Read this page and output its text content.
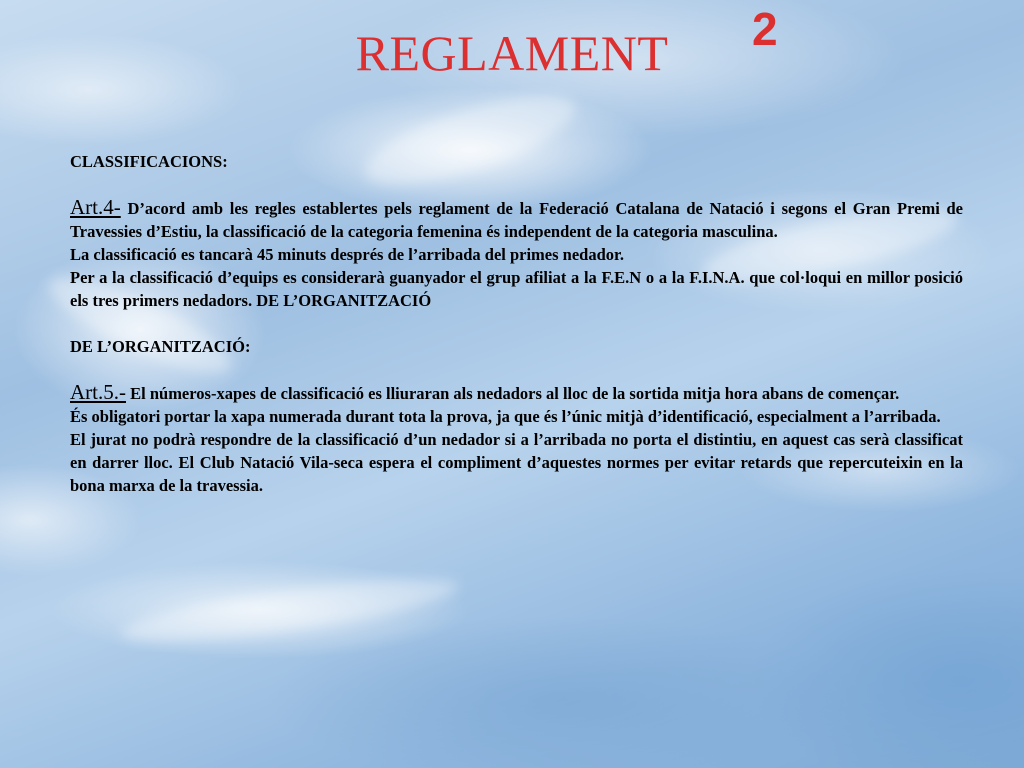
REGLAMENT	2

CLASSIFICACIONS:

Art.4- D’acord amb les regles establertes pels reglament de la Federació Catalana de Natació i segons el Gran Premi de Travessies d’Estiu, la classificació de la categoria femenina és independent de la categoria masculina.

La classificació es tancarà 45 minuts després de l’arribada del primes nedador.

Per a la classificació d’equips es considerarà guanyador el grup afiliat a la F.E.N o a la F.I.N.A. que col·loqui en millor posició els tres primers nedadors. DE L’ORGANITZACIÓ

DE L’ORGANITZACIÓ:

Art.5.- El números-xapes de classificació es lliuraran als nedadors al lloc de la sortida mitja hora abans de començar.

És obligatori portar la xapa numerada durant tota la prova, ja que és l’únic mitjà d’identificació, especialment a l’arribada.

El jurat no podrà respondre de la classificació d’un nedador si a l’arribada no porta el distintiu, en aquest cas serà classificat en darrer lloc. El Club Natació Vila-seca espera el compliment d’aquestes normes per evitar retards que repercuteixin en la bona marxa de la travessia.
